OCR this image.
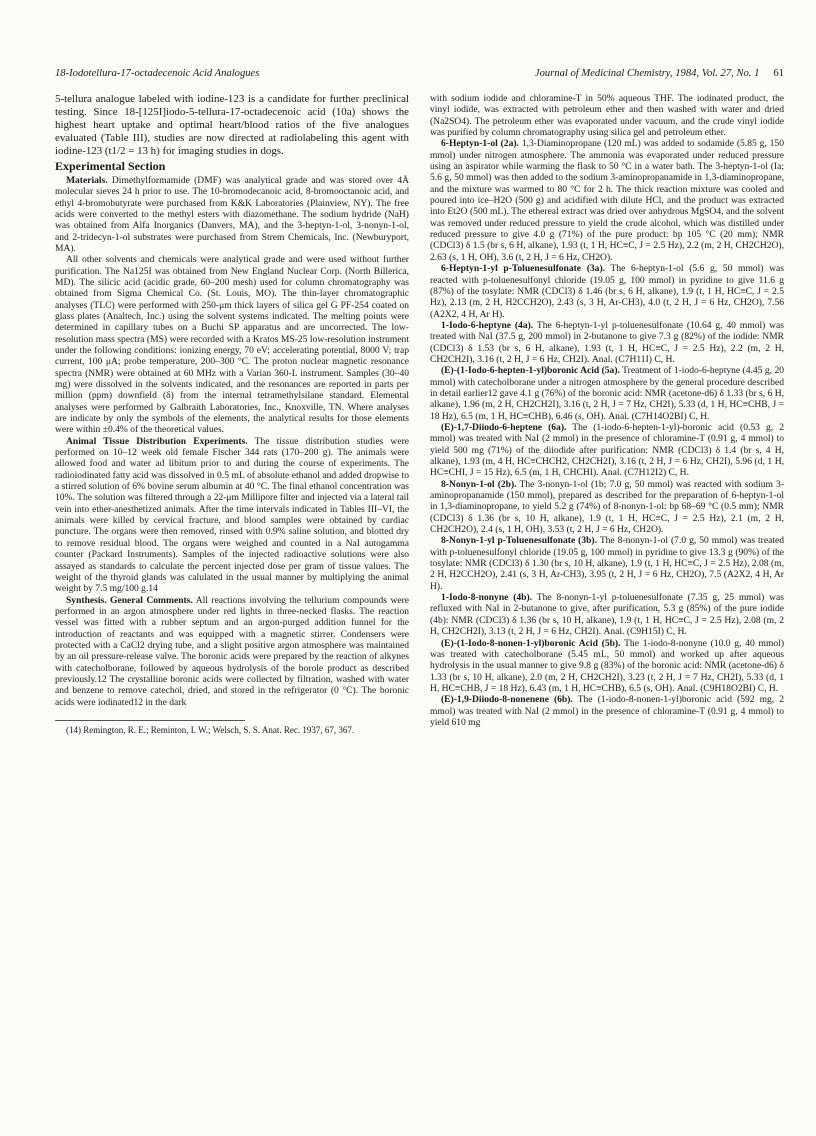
18-Iodotellura-17-octadecenoic Acid Analogues	Journal of Medicinal Chemistry, 1984, Vol. 27, No. 1 61

5-tellura analogue labeled with iodine-123 is a candidate for further preclinical testing. Since 18-[125I]iodo-5-tellura-17-octadecenoic acid (10a) shows the highest heart uptake and optimal heart/blood ratios of the five analogues evaluated (Table III), studies are now directed at radiolabeling this agent with iodine-123 (t1/2 = 13 h) for imaging studies in dogs.

Experimental Section

Materials. Dimethylformamide (DMF) was analytical grade and was stored over 4Å molecular sieves 24 h prior to use. The 10-bromodecanoic acid, 8-bromooctanoic acid, and ethyl 4-bromobutyrate were purchased from K&K Laboratories (Plainview, NY). The free acids were converted to the methyl esters with diazomethane. The sodium hydride (NaH) was obtained from Alfa Inorganics (Danvers, MA), and the 3-heptyn-1-ol, 3-nonyn-1-ol, and 2-tridecyn-1-ol substrates were purchased from Strem Chemicals, Inc. (Newburyport, MA).

All other solvents and chemicals were analytical grade and were used without further purification. The Na125I was obtained from New England Nuclear Corp. (North Billerica, MD). The silicic acid (acidic grade, 60–200 mesh) used for column chromatography was obtained from Sigma Chemical Co. (St. Louis, MO). The thin-layer chromatographic analyses (TLC) were performed with 250-μm thick layers of silica gel G PF-254 coated on glass plates (Analtech, Inc.) using the solvent systems indicated. The melting points were determined in capillary tubes on a Buchi SP apparatus and are uncorrected. The low-resolution mass spectra (MS) were recorded with a Kratos MS-25 low-resolution instrument under the following conditions: ionizing energy, 70 eV; accelerating potential, 8000 V; trap current, 100 μA; probe temperature, 200–300 °C. The proton nuclear magnetic resonance spectra (NMR) were obtained at 60 MHz with a Varian 360-L instrument. Samples (30–40 mg) were dissolved in the solvents indicated, and the resonances are reported in parts per million (ppm) downfield (δ) from the internal tetramethylsilane standard. Elemental analyses were performed by Galbraith Laboratories, Inc., Knoxville, TN. Where analyses are indicate by only the symbols of the elements, the analytical results for those elements were within ±0.4% of the theoretical values.

Animal Tissue Distribution Experiments. The tissue distribution studies were performed on 10–12 week old female Fischer 344 rats (170–200 g). The animals were allowed food and water ad libitum prior to and during the course of experiments. The radioiodinated fatty acid was dissolved in 0.5 mL of absolute ethanol and added dropwise to a stirred solution of 6% bovine serum albumin at 40 °C. The final ethanol concentration was 10%. The solution was filtered through a 22-μm Millipore filter and injected via a lateral tail vein into ether-anesthetized animals. After the time intervals indicated in Tables III–VI, the animals were killed by cervical fracture, and blood samples were obtained by cardiac puncture. The organs were then removed, rinsed with 0.9% saline solution, and blotted dry to remove residual blood. The organs were weighed and counted in a NaI autogamma counter (Packard Instruments). Samples of the injected radioactive solutions were also assayed as standards to calculate the percent injected dose per gram of tissue values. The weight of the thyroid glands was calulated in the usual manner by multiplying the animal weight by 7.5 mg/100 g.14

Synthesis. General Comments. All reactions involving the tellurium compounds were performed in an argon atmosphere under red lights in three-necked flasks. The reaction vessel was fitted with a rubber septum and an argon-purged addition funnel for the introduction of reactants and was equipped with a magnetic stirrer. Condensers were protected with a CaCl2 drying tube, and a slight positive argon atmosphere was maintained by an oil pressure-release valve. The boronic acids were prepared by the reaction of alkynes with catecholborane, followed by aqueous hydrolysis of the borole product as described previously.12 The crystalline boronic acids were collected by filtration, washed with water and benzene to remove catechol, dried, and stored in the refrigerator (0 °C). The boronic acids were iodinated12 in the dark

(14) Remington, R. E.; Reminton, I. W.; Welsch, S. S. Anat. Rec. 1937, 67, 367.

with sodium iodide and chloramine-T in 50% aqueous THF. The iodinated product, the vinyl iodide, was extracted with petroleum ether and then washed with water and dried (Na2SO4). The petroleum ether was evaporated under vacuum, and the crude vinyl iodide was purified by column chromatography using silica gel and petroleum ether.

6-Heptyn-1-ol (2a). 1,3-Diaminopropane (120 mL) was added to sodamide (5.85 g, 150 mmol) under nitrogen atmosphere. The ammonia was evaporated under reduced pressure using an aspirator while warming the flask to 50 °C in a water bath. The 3-heptyn-1-ol (Ia; 5.6 g, 50 mmol) was then added to the sodium 3-aminopropanamide in 1,3-diaminopropane, and the mixture was warmed to 80 °C for 2 h. The thick reaction mixture was cooled and poured into ice–H2O (500 g) and acidified with dilute HCl, and the product was extracted into Et2O (500 mL). The ethereal extract was dried over anhydrous MgSO4, and the solvent was removed under reduced pressure to yield the crude alcohol, which was distilled under reduced pressure to give 4.0 g (71%) of the pure product: bp 105 °C (20 mm); NMR (CDCl3) δ 1.5 (br s, 6 H, alkane), 1.93 (t, 1 H, HC≡C, J = 2.5 Hz), 2.2 (m, 2 H, CH2CH2O), 2.63 (s, 1 H, OH), 3.6 (t, 2 H, J = 6 Hz, CH2O).

6-Heptyn-1-yl p-Toluenesulfonate (3a). The 6-heptyn-1-ol (5.6 g, 50 mmol) was reacted with p-toluenesulfonyl chloride (19.05 g, 100 mmol) in pyridine to give 11.6 g (87%) of the tosylate: NMR (CDCl3) δ 1.46 (br s, 6 H, alkane), 1.9 (t, 1 H, HC≡C, J = 2.5 Hz), 2.13 (m, 2 H, H2CCH2O), 2.43 (s, 3 H, Ar-CH3), 4.0 (t, 2 H, J = 6 Hz, CH2O), 7.56 (A2X2, 4 H, Ar H).

1-Iodo-6-heptyne (4a). The 6-heptyn-1-yl p-toluenesulfonate (10.64 g, 40 mmol) was treated with NaI (37.5 g, 200 mmol) in 2-butanone to give 7.3 g (82%) of the iodide: NMR (CDCl3) δ 1.53 (br s, 6 H, alkane), 1.93 (t, 1 H, HC≡C, J = 2.5 Hz), 2.2 (m, 2 H, CH2CH2I), 3.16 (t, 2 H, J = 6 Hz, CH2I). Anal. (C7H11I) C, H.

(E)-(1-Iodo-6-hepten-1-yl)boronic Acid (5a). Treatment of 1-iodo-6-heptyne (4.45 g, 20 mmol) with catecholborane under a nitrogen atmosphere by the general procedure described in detail earlier12 gave 4.1 g (76%) of the boronic acid: NMR (acetone-d6) δ 1.33 (br s, 6 H, alkane), 1.96 (m, 2 H, CH2CH2I), 3.16 (t, 2 H, J = 7 Hz, CH2I), 5.33 (d, 1 H, HC≡CHB, J = 18 Hz), 6.5 (m, 1 H, HC≡CHB), 6.46 (s, OH). Anal. (C7H14O2BI) C, H.

(E)-1,7-Diiodo-6-heptene (6a). The (1-iodo-6-hepten-1-yl)-boronic acid (0.53 g, 2 mmol) was treated with NaI (2 mmol) in the presence of chloramine-T (0.91 g, 4 mmol) to yield 500 mg (71%) of the diiodide after purification: NMR (CDCl3) δ 1.4 (br s, 4 H, alkane), 1.93 (m, 4 H, HC≡CHCH2, CH2CH2I), 3.16 (t, 2 H, J = 6 Hz, CH2I), 5.96 (d, 1 H, HC≡CHI, J = 15 Hz), 6.5 (m, 1 H, CHCHI). Anal. (C7H12I2) C, H.

8-Nonyn-1-ol (2b). The 3-nonyn-1-ol (1b; 7.0 g, 50 mmol) was reacted with sodium 3-aminopropanamide (150 mmol), prepared as described for the preparation of 6-heptyn-1-ol in 1,3-diaminopropane, to yield 5.2 g (74%) of 8-nonyn-1-ol: bp 68–69 °C (0.5 mm); NMR (CDCl3) δ 1.36 (br s, 10 H, alkane), 1.9 (t, 1 H, HC≡C, J = 2.5 Hz), 2.1 (m, 2 H, CH2CH2O), 2.4 (s, 1 H, OH), 3.53 (t, 2 H, J = 6 Hz, CH2O).

8-Nonyn-1-yl p-Toluenesulfonate (3b). The 8-nonyn-1-ol (7.0 g, 50 mmol) was treated with p-toluenesulfonyl chloride (19.05 g, 100 mmol) in pyridine to give 13.3 g (90%) of the tosylate: NMR (CDCl3) δ 1.30 (br s, 10 H, alkane), 1.9 (t, 1 H, HC≡C, J = 2.5 Hz), 2.08 (m, 2 H, H2CCH2O), 2.41 (s, 3 H, Ar-CH3), 3.95 (t, 2 H, J = 6 Hz, CH2O), 7.5 (A2X2, 4 H, Ar H).

1-Iodo-8-nonyne (4b). The 8-nonyn-1-yl p-toluenesulfonate (7.35 g, 25 mmol) was refluxed with NaI in 2-butanone to give, after purification, 5.3 g (85%) of the pure iodide (4b): NMR (CDCl3) δ 1.36 (br s, 10 H, alkane), 1.9 (t, 1 H, HC≡C, J = 2.5 Hz), 2.08 (m, 2 H, CH2CH2I), 3.13 (t, 2 H, J = 6 Hz, CH2I). Anal. (C9H15I) C, H.

(E)-(1-Iodo-8-nonen-1-yl)boronic Acid (5b). The 1-iodo-8-nonyne (10.0 g, 40 mmol) was treated with catecholborane (5.45 mL, 50 mmol) and worked up after aqueous hydrolysis in the usual manner to give 9.8 g (83%) of the boronic acid: NMR (acetone-d6) δ 1.33 (br s, 10 H, alkane), 2.0 (m, 2 H, CH2CH2I), 3.23 (t, 2 H, J = 7 Hz, CH2I), 5.33 (d, 1 H, HC≡CHB, J = 18 Hz), 6.43 (m, 1 H, HC≡CHB), 6.5 (s, OH). Anal. (C9H18O2BI) C, H.

(E)-1,9-Diiodo-8-nonenene (6b). The (1-iodo-8-nonen-1-yl)boronic acid (592 mg, 2 mmol) was treated with NaI (2 mmol) in the presence of chloramine-T (0.91 g, 4 mmol) to yield 610 mg
